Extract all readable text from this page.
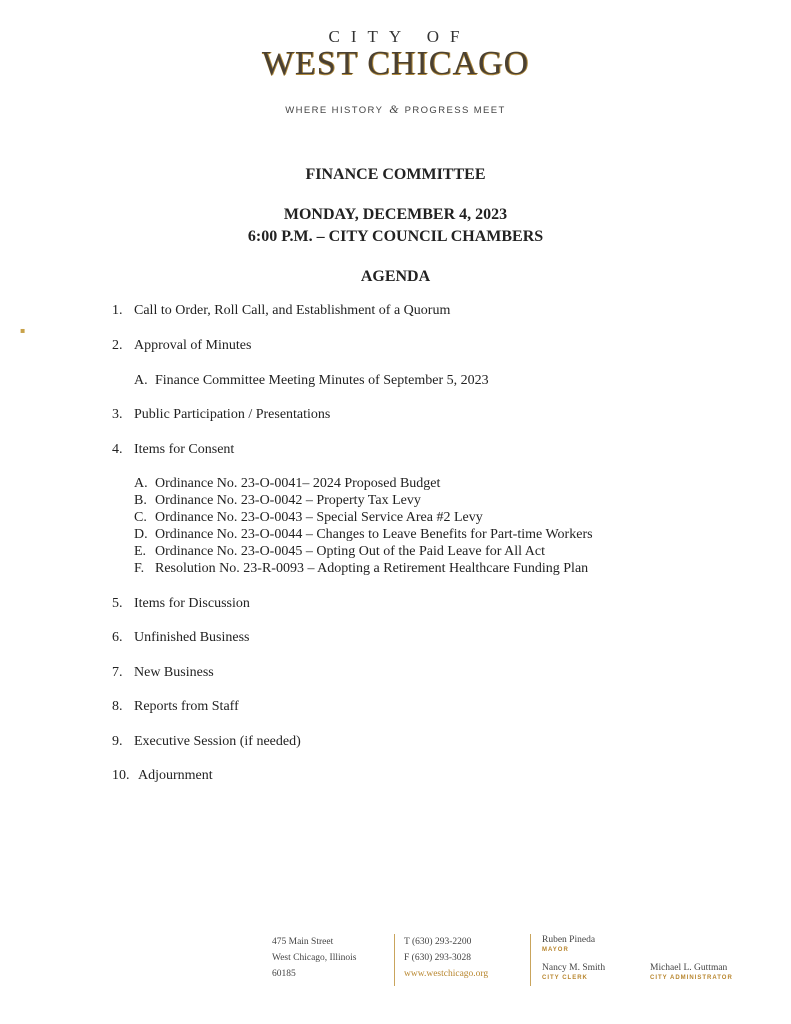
CITY OF
WEST CHICAGO
WHERE HISTORY & PROGRESS MEET
▪
FINANCE COMMITTEE
MONDAY, DECEMBER 4, 2023
6:00 P.M. – CITY COUNCIL CHAMBERS
AGENDA
1. Call to Order, Roll Call, and Establishment of a Quorum
2. Approval of Minutes
A. Finance Committee Meeting Minutes of September 5, 2023
3. Public Participation / Presentations
4. Items for Consent
A. Ordinance No. 23-O-0041– 2024 Proposed Budget
B. Ordinance No. 23-O-0042 – Property Tax Levy
C. Ordinance No. 23-O-0043 – Special Service Area #2 Levy
D. Ordinance No. 23-O-0044 – Changes to Leave Benefits for Part-time Workers
E. Ordinance No. 23-O-0045 – Opting Out of the Paid Leave for All Act
F. Resolution No. 23-R-0093 – Adopting a Retirement Healthcare Funding Plan
5. Items for Discussion
6. Unfinished Business
7. New Business
8. Reports from Staff
9. Executive Session (if needed)
10. Adjournment
475 Main Street
West Chicago, Illinois
60185
T (630) 293-2200
F (630) 293-3028
www.westchicago.org
Ruben Pineda
MAYOR
Nancy M. Smith
CITY CLERK
Michael L. Guttman
CITY ADMINISTRATOR
